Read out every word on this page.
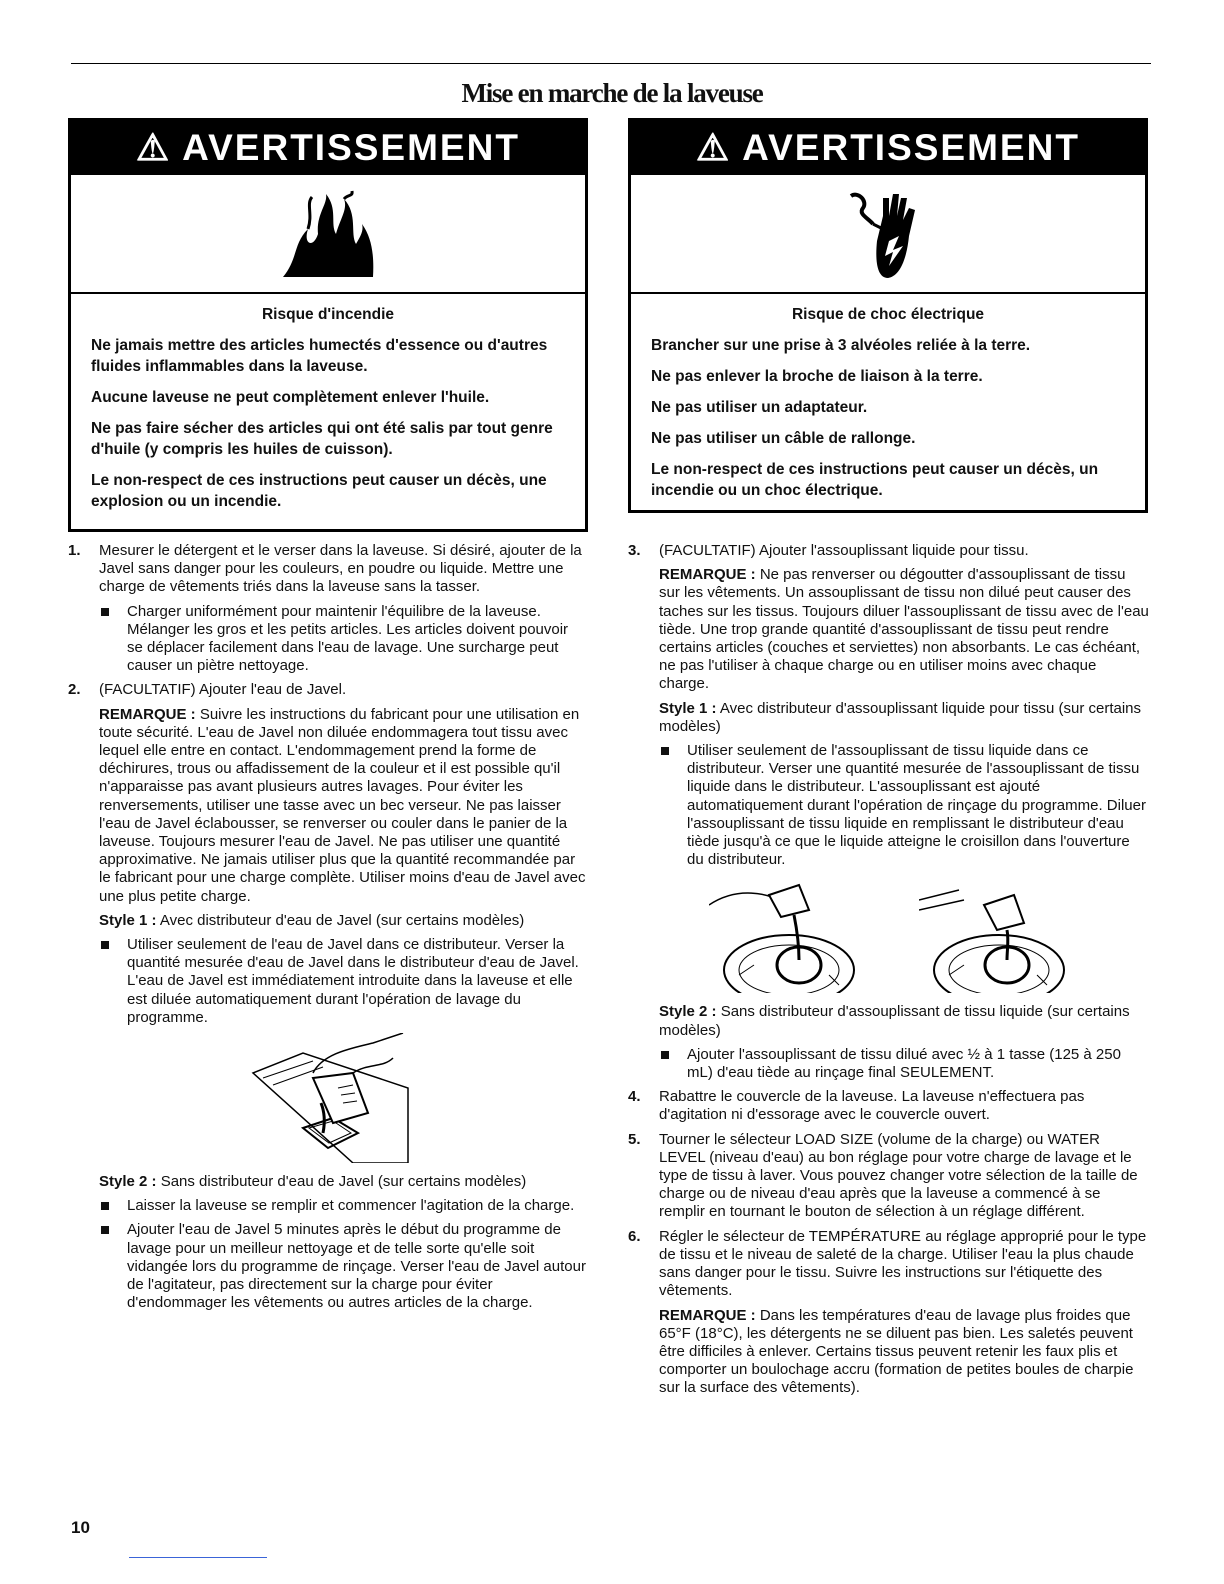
Mise en marche de la laveuse
⚠ AVERTISSEMENT
Risque d'incendie

Ne jamais mettre des articles humectés d'essence ou d'autres fluides inflammables dans la laveuse.

Aucune laveuse ne peut complètement enlever l'huile.

Ne pas faire sécher des articles qui ont été salis par tout genre d'huile (y compris les huiles de cuisson).

Le non-respect de ces instructions peut causer un décès, une explosion ou un incendie.

⚠ AVERTISSEMENT
Risque de choc électrique

Brancher sur une prise à 3 alvéoles reliée à la terre.

Ne pas enlever la broche de liaison à la terre.

Ne pas utiliser un adaptateur.

Ne pas utiliser un câble de rallonge.

Le non-respect de ces instructions peut causer un décès, un incendie ou un choc électrique.

1. Mesurer le détergent et le verser dans la laveuse. Si désiré, ajouter de la Javel sans danger pour les couleurs, en poudre ou liquide. Mettre une charge de vêtements triés dans la laveuse sans la tasser.
Charger uniformément pour maintenir l'équilibre de la laveuse. Mélanger les gros et les petits articles. Les articles doivent pouvoir se déplacer facilement dans l'eau de lavage. Une surcharge peut causer un piètre nettoyage.
2. (FACULTATIF) Ajouter l'eau de Javel.
REMARQUE : Suivre les instructions du fabricant pour une utilisation en toute sécurité. L'eau de Javel non diluée endommagera tout tissu avec lequel elle entre en contact. L'endommagement prend la forme de déchirures, trous ou affadissement de la couleur et il est possible qu'il n'apparaisse pas avant plusieurs autres lavages. Pour éviter les renversements, utiliser une tasse avec un bec verseur. Ne pas laisser l'eau de Javel éclabousser, se renverser ou couler dans le panier de la laveuse. Toujours mesurer l'eau de Javel. Ne pas utiliser une quantité approximative. Ne jamais utiliser plus que la quantité recommandée par le fabricant pour une charge complète. Utiliser moins d'eau de Javel avec une plus petite charge.
Style 1 : Avec distributeur d'eau de Javel (sur certains modèles)
Utiliser seulement de l'eau de Javel dans ce distributeur. Verser la quantité mesurée d'eau de Javel dans le distributeur d'eau de Javel. L'eau de Javel est immédiatement introduite dans la laveuse et elle est diluée automatiquement durant l'opération de lavage du programme.
Style 2 : Sans distributeur d'eau de Javel (sur certains modèles)
Laisser la laveuse se remplir et commencer l'agitation de la charge.
Ajouter l'eau de Javel 5 minutes après le début du programme de lavage pour un meilleur nettoyage et de telle sorte qu'elle soit vidangée lors du programme de rinçage. Verser l'eau de Javel autour de l'agitateur, pas directement sur la charge pour éviter d'endommager les vêtements ou autres articles de la charge.
3. (FACULTATIF) Ajouter l'assouplissant liquide pour tissu.
REMARQUE : Ne pas renverser ou dégoutter d'assouplissant de tissu sur les vêtements. Un assouplissant de tissu non dilué peut causer des taches sur les tissus. Toujours diluer l'assouplissant de tissu avec de l'eau tiède. Une trop grande quantité d'assouplissant de tissu peut rendre certains articles (couches et serviettes) non absorbants. Le cas échéant, ne pas l'utiliser à chaque charge ou en utiliser moins avec chaque charge.
Style 1 : Avec distributeur d'assouplissant liquide pour tissu (sur certains modèles)
Utiliser seulement de l'assouplissant de tissu liquide dans ce distributeur. Verser une quantité mesurée de l'assouplissant de tissu liquide dans le distributeur. L'assouplissant est ajouté automatiquement durant l'opération de rinçage du programme. Diluer l'assouplissant de tissu liquide en remplissant le distributeur d'eau tiède jusqu'à ce que le liquide atteigne le croisillon dans l'ouverture du distributeur.
Style 2 : Sans distributeur d'assouplissant de tissu liquide (sur certains modèles)
Ajouter l'assouplissant de tissu dilué avec ½ à 1 tasse (125 à 250 mL) d'eau tiède au rinçage final SEULEMENT.
4. Rabattre le couvercle de la laveuse. La laveuse n'effectuera pas d'agitation ni d'essorage avec le couvercle ouvert.
5. Tourner le sélecteur LOAD SIZE (volume de la charge) ou WATER LEVEL (niveau d'eau) au bon réglage pour votre charge de lavage et le type de tissu à laver. Vous pouvez changer votre sélection de la taille de charge ou de niveau d'eau après que la laveuse a commencé à se remplir en tournant le bouton de sélection à un réglage différent.
6. Régler le sélecteur de TEMPÉRATURE au réglage approprié pour le type de tissu et le niveau de saleté de la charge. Utiliser l'eau la plus chaude sans danger pour le tissu. Suivre les instructions sur l'étiquette des vêtements.
REMARQUE : Dans les températures d'eau de lavage plus froides que 65°F (18°C), les détergents ne se diluent pas bien. Les saletés peuvent être difficiles à enlever. Certains tissus peuvent retenir les faux plis et comporter un boulochage accru (formation de petites boules de charpie sur la surface des vêtements).
10
